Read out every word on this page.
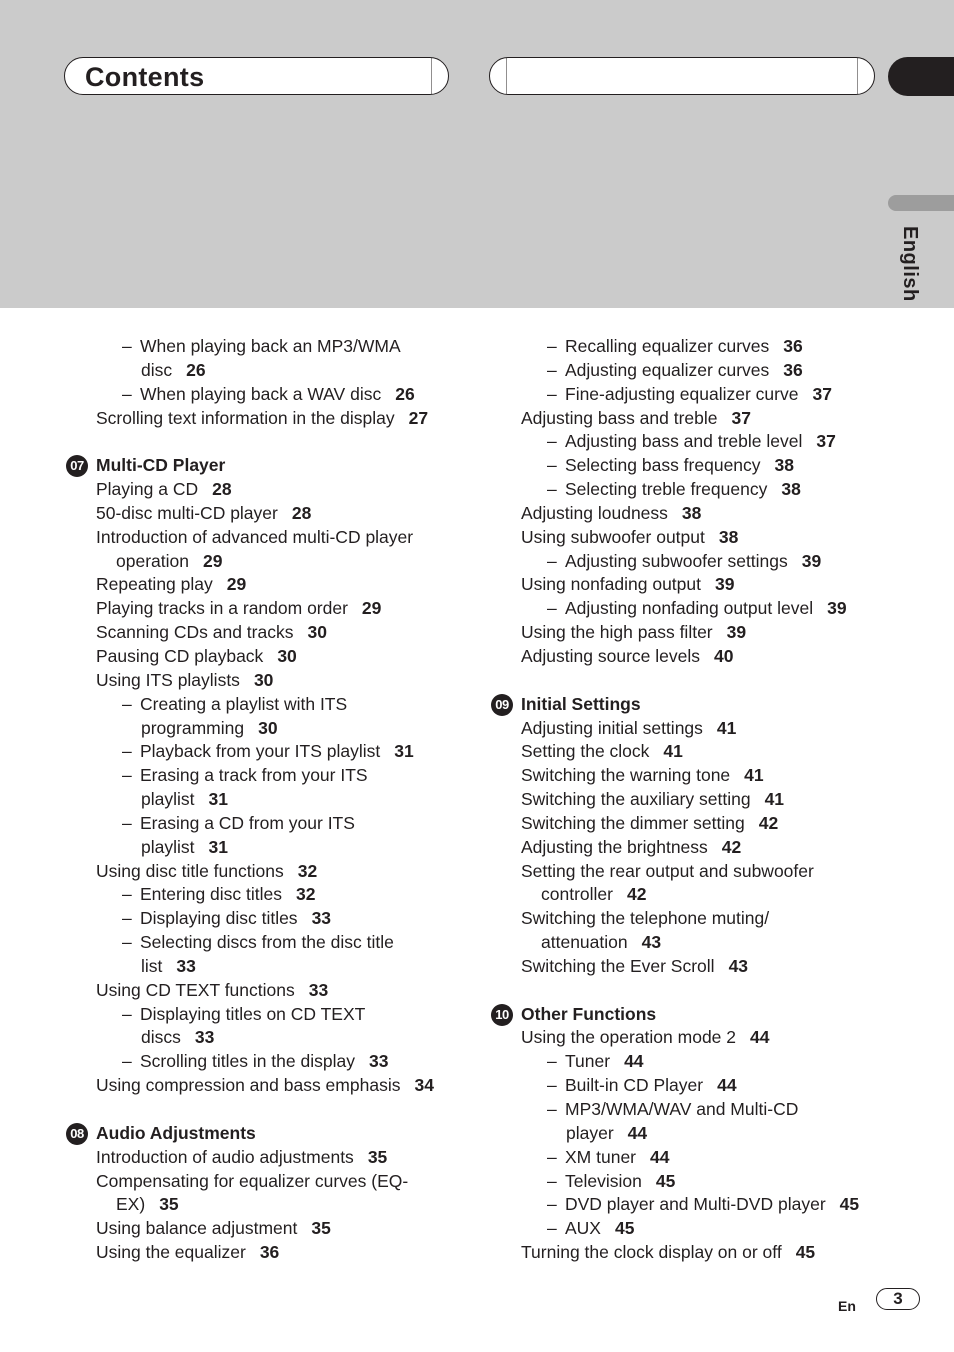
Contents
English
– When playing back an MP3/WMA
disc 26
– When playing back a WAV disc 26
Scrolling text information in the display 27
07 Multi-CD Player
Playing a CD 28
50-disc multi-CD player 28
Introduction of advanced multi-CD player
operation 29
Repeating play 29
Playing tracks in a random order 29
Scanning CDs and tracks 30
Pausing CD playback 30
Using ITS playlists 30
– Creating a playlist with ITS
programming 30
– Playback from your ITS playlist 31
– Erasing a track from your ITS
playlist 31
– Erasing a CD from your ITS
playlist 31
Using disc title functions 32
– Entering disc titles 32
– Displaying disc titles 33
– Selecting discs from the disc title
list 33
Using CD TEXT functions 33
– Displaying titles on CD TEXT
discs 33
– Scrolling titles in the display 33
Using compression and bass emphasis 34
08 Audio Adjustments
Introduction of audio adjustments 35
Compensating for equalizer curves (EQ-
EX) 35
Using balance adjustment 35
Using the equalizer 36
– Recalling equalizer curves 36
– Adjusting equalizer curves 36
– Fine-adjusting equalizer curve 37
Adjusting bass and treble 37
– Adjusting bass and treble level 37
– Selecting bass frequency 38
– Selecting treble frequency 38
Adjusting loudness 38
Using subwoofer output 38
– Adjusting subwoofer settings 39
Using nonfading output 39
– Adjusting nonfading output level 39
Using the high pass filter 39
Adjusting source levels 40
09 Initial Settings
Adjusting initial settings 41
Setting the clock 41
Switching the warning tone 41
Switching the auxiliary setting 41
Switching the dimmer setting 42
Adjusting the brightness 42
Setting the rear output and subwoofer
controller 42
Switching the telephone muting/
attenuation 43
Switching the Ever Scroll 43
10 Other Functions
Using the operation mode 2 44
– Tuner 44
– Built-in CD Player 44
– MP3/WMA/WAV and Multi-CD
player 44
– XM tuner 44
– Television 45
– DVD player and Multi-DVD player 45
– AUX 45
Turning the clock display on or off 45
En	3
